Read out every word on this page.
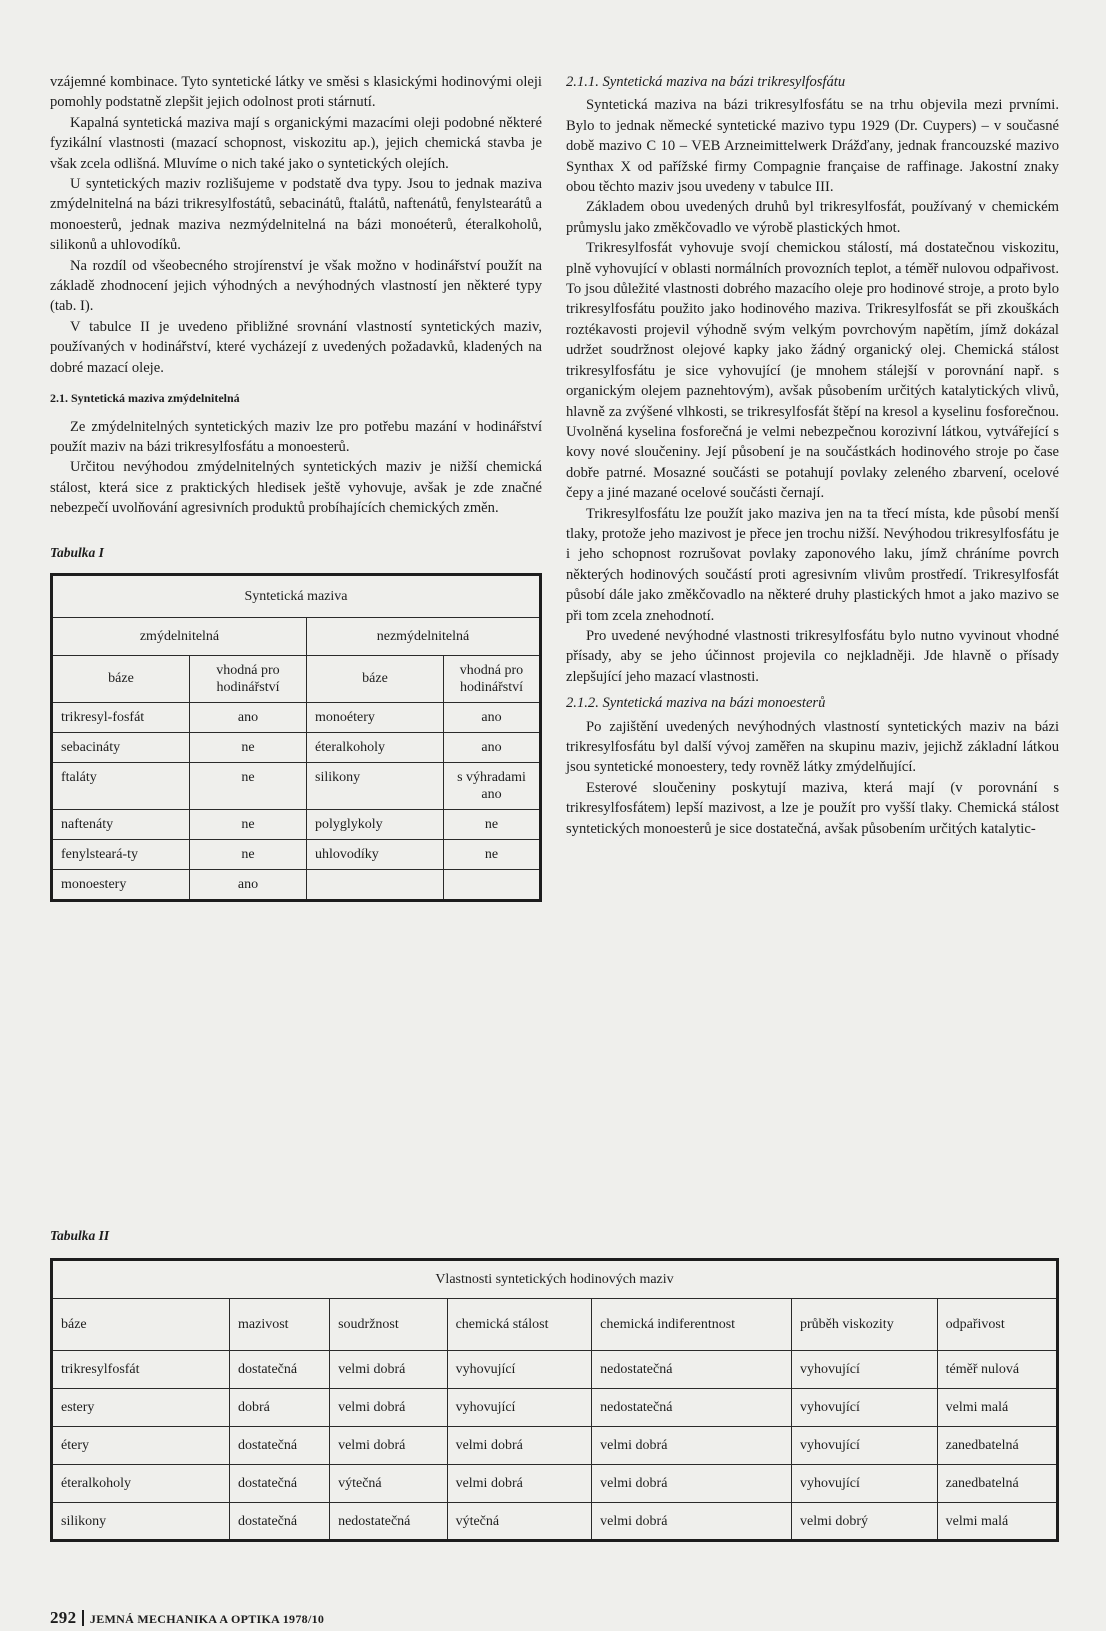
vzájemné kombinace. Tyto syntetické látky ve směsi s klasickými hodinovými oleji pomohly podstatně zlepšit jejich odolnost proti stárnutí.

Kapalná syntetická maziva mají s organickými mazacími oleji podobné některé fyzikální vlastnosti (mazací schopnost, viskozitu ap.), jejich chemická stavba je však zcela odlišná. Mluvíme o nich také jako o syntetických olejích.

U syntetických maziv rozlišujeme v podstatě dva typy. Jsou to jednak maziva zmýdelnitelná na bázi trikresylfostátů, sebacinátů, ftalátů, naftenátů, fenylstearátů a monoesterů, jednak maziva nezmýdelnitelná na bázi monoéterů, éteralkoholů, silikonů a uhlovodíků.

Na rozdíl od všeobecného strojírenství je však možno v hodinářství použít na základě zhodnocení jejich výhodných a nevýhodných vlastností jen některé typy (tab. I).

V tabulce II je uvedeno přibližné srovnání vlastností syntetických maziv, používaných v hodinářství, které vycházejí z uvedených požadavků, kladených na dobré mazací oleje.

2.1. Syntetická maziva zmýdelnitelná

Ze zmýdelnitelných syntetických maziv lze pro potřebu mazání v hodinářství použít maziv na bázi trikresylfosfátu a monoesterů.

Určitou nevýhodou zmýdelnitelných syntetických maziv je nižší chemická stálost, která sice z praktických hledisek ještě vyhovuje, avšak je zde značné nebezpečí uvolňování agresivních produktů probíhajících chemických změn.

Tabulka I
Syntetická maziva			
zmýdelnitelná		nezmýdelnitelná	
báze	vhodná pro hodinářství	báze	vhodná pro hodinářství
trikresyl-fosfát	ano	monoétery	ano
sebacináty	ne	éteralkoholy	ano
ftaláty	ne	silikony	s výhradami ano
naftenáty	ne	polyglykoly	ne
fenylsteará-ty	ne	uhlovodíky	ne
monoestery	ano		
2.1.1. Syntetická maziva na bázi trikresylfosfátu

Syntetická maziva na bázi trikresylfosfátu se na trhu objevila mezi prvními. Bylo to jednak německé syntetické mazivo typu 1929 (Dr. Cuypers) – v současné době mazivo C 10 – VEB Arzneimittelwerk Drážďany, jednak francouzské mazivo Synthax X od pařížské firmy Compagnie française de raffinage. Jakostní znaky obou těchto maziv jsou uvedeny v tabulce III.

Základem obou uvedených druhů byl trikresylfosfát, používaný v chemickém průmyslu jako změkčovadlo ve výrobě plastických hmot.

Trikresylfosfát vyhovuje svojí chemickou stálostí, má dostatečnou viskozitu, plně vyhovující v oblasti normálních provozních teplot, a téměř nulovou odpařivost. To jsou důležité vlastnosti dobrého mazacího oleje pro hodinové stroje, a proto bylo trikresylfosfátu použito jako hodinového maziva. Trikresylfosfát se při zkouškách roztékavosti projevil výhodně svým velkým povrchovým napětím, jímž dokázal udržet soudržnost olejové kapky jako žádný organický olej. Chemická stálost trikresylfosfátu je sice vyhovující (je mnohem stálejší v porovnání např. s organickým olejem paznehtovým), avšak působením určitých katalytických vlivů, hlavně za zvýšené vlhkosti, se trikresylfosfát štěpí na kresol a kyselinu fosforečnou. Uvolněná kyselina fosforečná je velmi nebezpečnou korozivní látkou, vytvářející s kovy nové sloučeniny. Její působení je na součástkách hodinového stroje po čase dobře patrné. Mosazné součásti se potahují povlaky zeleného zbarvení, ocelové čepy a jiné mazané ocelové součásti černají.

Trikresylfosfátu lze použít jako maziva jen na ta třecí místa, kde působí menší tlaky, protože jeho mazivost je přece jen trochu nižší. Nevýhodou trikresylfosfátu je i jeho schopnost rozrušovat povlaky zaponového laku, jímž chráníme povrch některých hodinových součástí proti agresivním vlivům prostředí. Trikresylfosfát působí dále jako změkčovadlo na některé druhy plastických hmot a jako mazivo se při tom zcela znehodnotí.

Pro uvedené nevýhodné vlastnosti trikresylfosfátu bylo nutno vyvinout vhodné přísady, aby se jeho účinnost projevila co nejkladněji. Jde hlavně o přísady zlepšující jeho mazací vlastnosti.

2.1.2. Syntetická maziva na bázi monoesterů

Po zajištění uvedených nevýhodných vlastností syntetických maziv na bázi trikresylfosfátu byl další vývoj zaměřen na skupinu maziv, jejichž základní látkou jsou syntetické monoestery, tedy rovněž látky zmýdelňující.

Esterové sloučeniny poskytují maziva, která mají (v porovnání s trikresylfosfátem) lepší mazivost, a lze je použít pro vyšší tlaky. Chemická stálost syntetických monoesterů je sice dostatečná, avšak působením určitých katalytic-

Tabulka II
Vlastnosti syntetických hodinových maziv						
báze	mazivost	soudržnost	chemická stálost	chemická indiferentnost	průběh viskozity	odpařivost
trikresylfosfát	dostatečná	velmi dobrá	vyhovující	nedostatečná	vyhovující	téměř nulová
estery	dobrá	velmi dobrá	vyhovující	nedostatečná	vyhovující	velmi malá
étery	dostatečná	velmi dobrá	velmi dobrá	velmi dobrá	vyhovující	zanedbatelná
éteralkoholy	dostatečná	výtečná	velmi dobrá	velmi dobrá	vyhovující	zanedbatelná
silikony	dostatečná	nedostatečná	výtečná	velmi dobrá	velmi dobrý	velmi malá
292 JEMNÁ MECHANIKA A OPTIKA 1978/10
